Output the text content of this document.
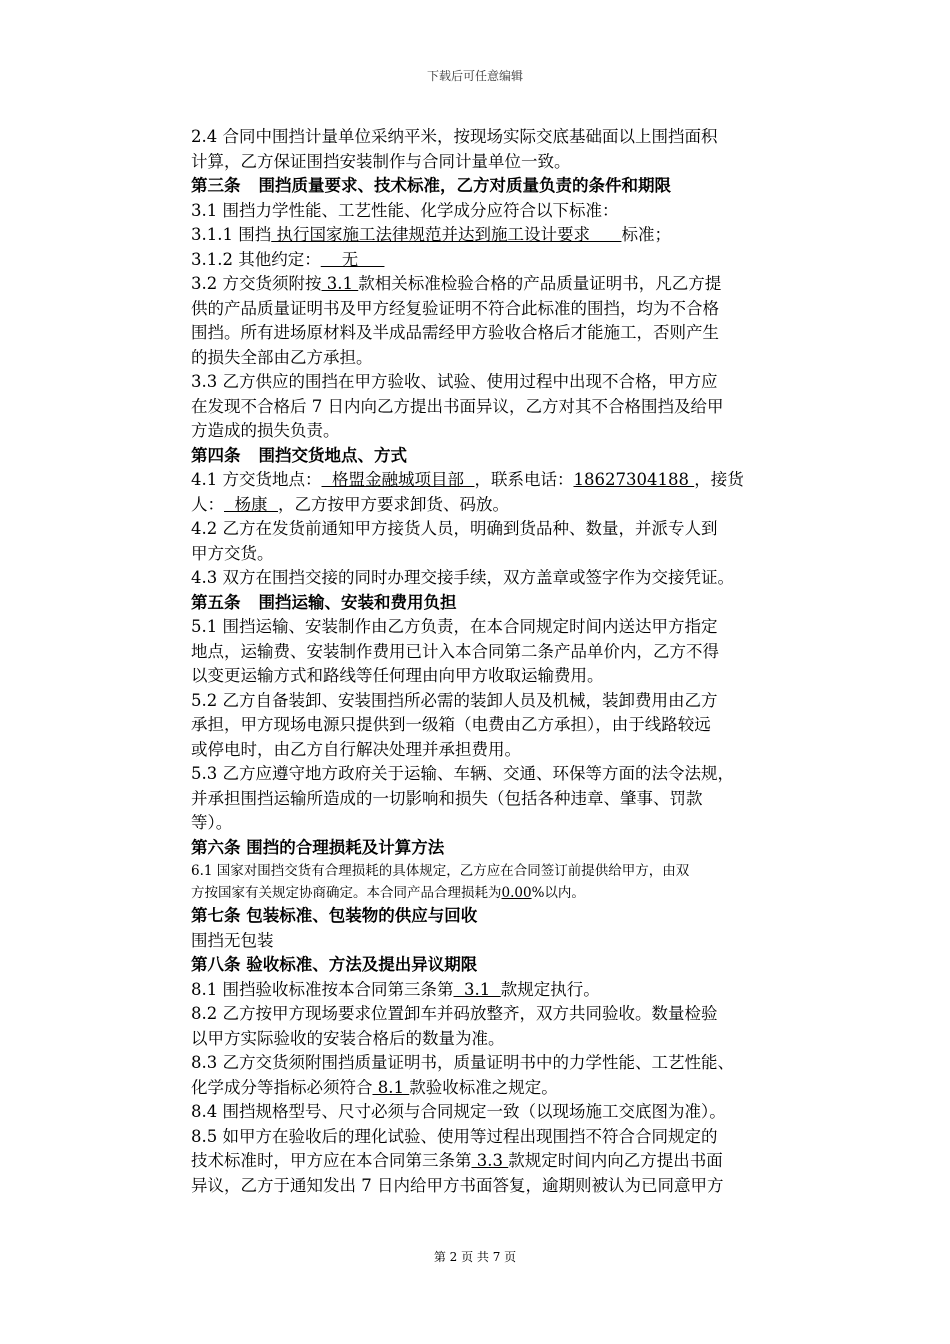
下载后可任意编辑

2.4 合同中围挡计量单位采纳平米，按现场实际交底基础面以上围挡面积

计算，乙方保证围挡安装制作与合同计量单位一致。

第三条 围挡质量要求、技术标准，乙方对质量负责的条件和期限

3.1 围挡力学性能、工艺性能、化学成分应符合以下标准：

3.1.1 围挡 执行国家施工法律规范并达到施工设计要求      标准；

3.1.2 其他约定：    无

3.2 方交货须附按 3.1 款相关标准检验合格的产品质量证明书，凡乙方提

供的产品质量证明书及甲方经复验证明不符合此标准的围挡，均为不合格

围挡。所有进场原材料及半成品需经甲方验收合格后才能施工，否则产生

的损失全部由乙方承担。

3.3 乙方供应的围挡在甲方验收、试验、使用过程中出现不合格，甲方应

在发现不合格后 7 日内向乙方提出书面异议，乙方对其不合格围挡及给甲

方造成的损失负责。

第四条 围挡交货地点、方式

4.1 方交货地点：  格盟金融城项目部  ，联系电话：18627304188 ，接货

人：  杨康  ，乙方按甲方要求卸货、码放。

4.2 乙方在发货前通知甲方接货人员，明确到货品种、数量，并派专人到

甲方交货。

4.3 双方在围挡交接的同时办理交接手续，双方盖章或签字作为交接凭证。

第五条 围挡运输、安装和费用负担

5.1 围挡运输、安装制作由乙方负责，在本合同规定时间内送达甲方指定

地点，运输费、安装制作费用已计入本合同第二条产品单价内，乙方不得

以变更运输方式和路线等任何理由向甲方收取运输费用。

5.2 乙方自备装卸、安装围挡所必需的装卸人员及机械，装卸费用由乙方

承担，甲方现场电源只提供到一级箱（电费由乙方承担），由于线路较远

或停电时，由乙方自行解决处理并承担费用。

5.3 乙方应遵守地方政府关于运输、车辆、交通、环保等方面的法令法规，

并承担围挡运输所造成的一切影响和损失（包括各种违章、肇事、罚款

等）。

第六条 围挡的合理损耗及计算方法

6.1 国家对围挡交货有合理损耗的具体规定，乙方应在合同签订前提供给甲方，由双

方按国家有关规定协商确定。本合同产品合理损耗为0.00%以内。

第七条 包装标准、包装物的供应与回收

围挡无包装

第八条 验收标准、方法及提出异议期限

8.1 围挡验收标准按本合同第三条第  3.1  款规定执行。

8.2 乙方按甲方现场要求位置卸车并码放整齐，双方共同验收。数量检验

以甲方实际验收的安装合格后的数量为准。

8.3 乙方交货须附围挡质量证明书，质量证明书中的力学性能、工艺性能、

化学成分等指标必须符合 8.1 款验收标准之规定。

8.4 围挡规格型号、尺寸必须与合同规定一致（以现场施工交底图为准）。

8.5 如甲方在验收后的理化试验、使用等过程出现围挡不符合合同规定的

技术标准时，甲方应在本合同第三条第 3.3 款规定时间内向乙方提出书面

异议，乙方于通知发出 7 日内给甲方书面答复，逾期则被认为已同意甲方

第 2 页 共 7 页
